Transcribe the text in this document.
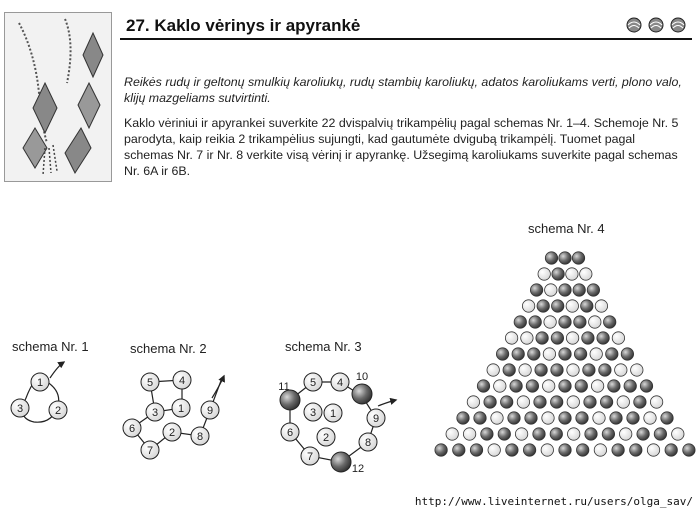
27. Kaklo vėrinys ir apyrankė
Reikės rudų ir geltonų smulkių karoliukų, rudų stambių karoliukų, adatos karoliukams verti, plono valo, klijų mazgeliams sutvirtinti.
Kaklo vėriniui ir apyrankei suverkite 22 dvispalvių trikampėlių pagal schemas Nr. 1–4. Schemoje Nr. 5 parodyta, kaip reikia 2 trikampėlius sujungti, kad gautumėte dvigubą trikampėlį. Tuomet pagal schemas Nr. 7 ir Nr. 8 verkite visą vėrinį ir apyrankę. Užsegimą karoliukams suverkite pagal schemas Nr. 6A ir 6B.
schema Nr. 1
1
2
3
schema Nr. 2
1
2
3
4
5
6
7
8
9
schema Nr. 3
1
2
3
4
5
6
7
8
9
10
11
12
schema Nr. 4
http://www.liveinternet.ru/users/olga_sav/
